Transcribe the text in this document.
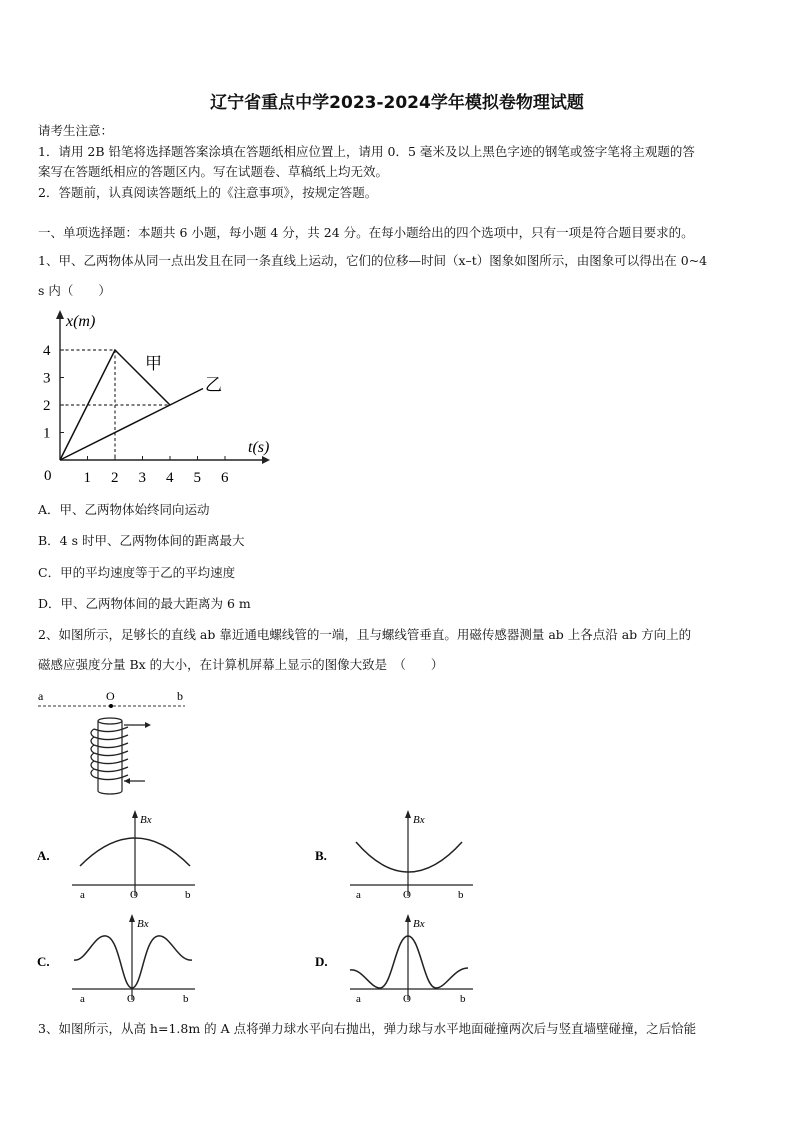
辽宁省重点中学2023-2024学年模拟卷物理试题
请考生注意：
1．请用 2B 铅笔将选择题答案涂填在答题纸相应位置上，请用 0．5 毫米及以上黑色字迹的钢笔或签字笔将主观题的答
案写在答题纸相应的答题区内。写在试题卷、草稿纸上均无效。
2．答题前，认真阅读答题纸上的《注意事项》，按规定答题。
一、单项选择题：本题共 6 小题，每小题 4 分，共 24 分。在每小题给出的四个选项中，只有一项是符合题目要求的。
1、甲、乙两物体从同一点出发且在同一条直线上运动，它们的位移—时间（x–t）图象如图所示，由图象可以得出在 0~4
s 内（　　）
x(m)
t(s)
0 1 2 3 4 5 6
1
2
3
4
甲
乙
A．甲、乙两物体始终同向运动
B．4 s 时甲、乙两物体间的距离最大
C．甲的平均速度等于乙的平均速度
D．甲、乙两物体间的最大距离为 6 m
2、如图所示，足够长的直线 ab 靠近通电螺线管的一端，且与螺线管垂直。用磁传感器测量 ab 上各点沿 ab 方向上的
磁感应强度分量 Bx 的大小，在计算机屏幕上显示的图像大致是　（　　）
a	O	b
A.
Bx
a	O	b
B.
Bx
a	O	b
C.
Bx
a	O	b
D.
Bx
a	O	b
3、如图所示，从高 h=1.8m 的 A 点将弹力球水平向右抛出，弹力球与水平地面碰撞两次后与竖直墙壁碰撞，之后恰能
